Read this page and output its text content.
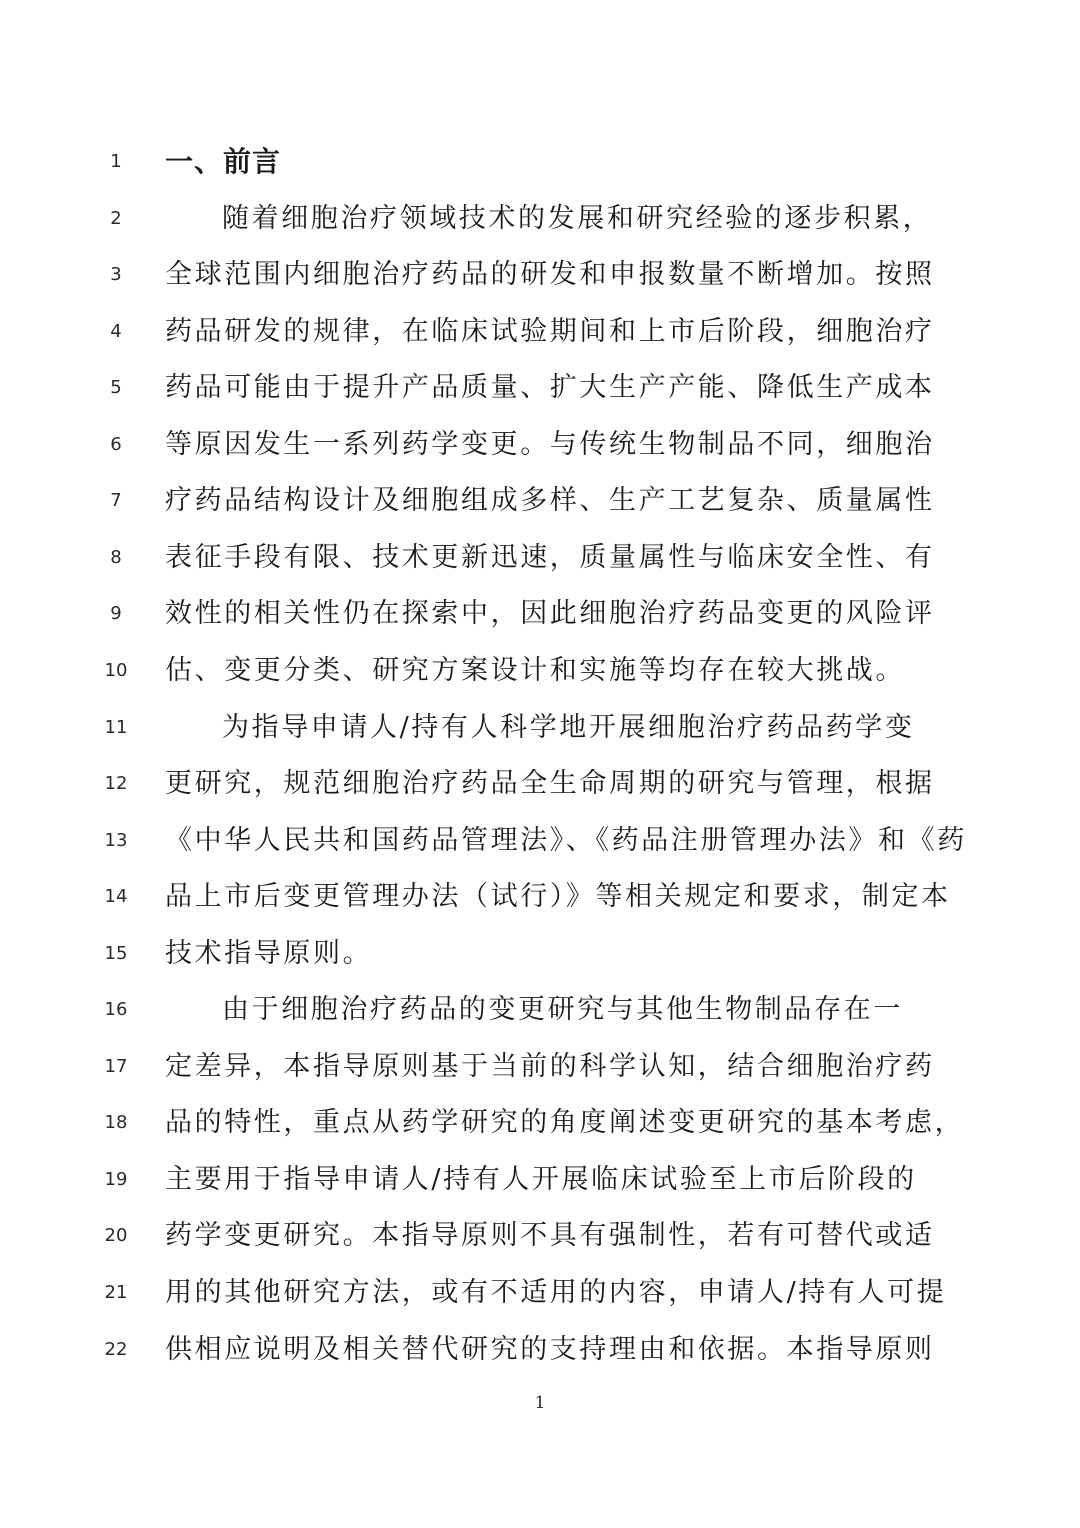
1
1	一、前言
2	随着细胞治疗领域技术的发展和研究经验的逐步积累，
3	全球范围内细胞治疗药品的研发和申报数量不断增加。按照
4	药品研发的规律，在临床试验期间和上市后阶段，细胞治疗
5	药品可能由于提升产品质量、扩大生产产能、降低生产成本
6	等原因发生一系列药学变更。与传统生物制品不同，细胞治
7	疗药品结构设计及细胞组成多样、生产工艺复杂、质量属性
8	表征手段有限、技术更新迅速，质量属性与临床安全性、有
9	效性的相关性仍在探索中，因此细胞治疗药品变更的风险评
10	估、变更分类、研究方案设计和实施等均存在较大挑战。
11	为指导申请人/持有人科学地开展细胞治疗药品药学变
12	更研究，规范细胞治疗药品全生命周期的研究与管理，根据
13	《中华人民共和国药品管理法》、《药品注册管理办法》和《药
14	品上市后变更管理办法（试行）》等相关规定和要求，制定本
15	技术指导原则。
16	由于细胞治疗药品的变更研究与其他生物制品存在一
17	定差异，本指导原则基于当前的科学认知，结合细胞治疗药
18	品的特性，重点从药学研究的角度阐述变更研究的基本考虑，
19	主要用于指导申请人/持有人开展临床试验至上市后阶段的
20	药学变更研究。本指导原则不具有强制性，若有可替代或适
21	用的其他研究方法，或有不适用的内容，申请人/持有人可提
22	供相应说明及相关替代研究的支持理由和依据。本指导原则
